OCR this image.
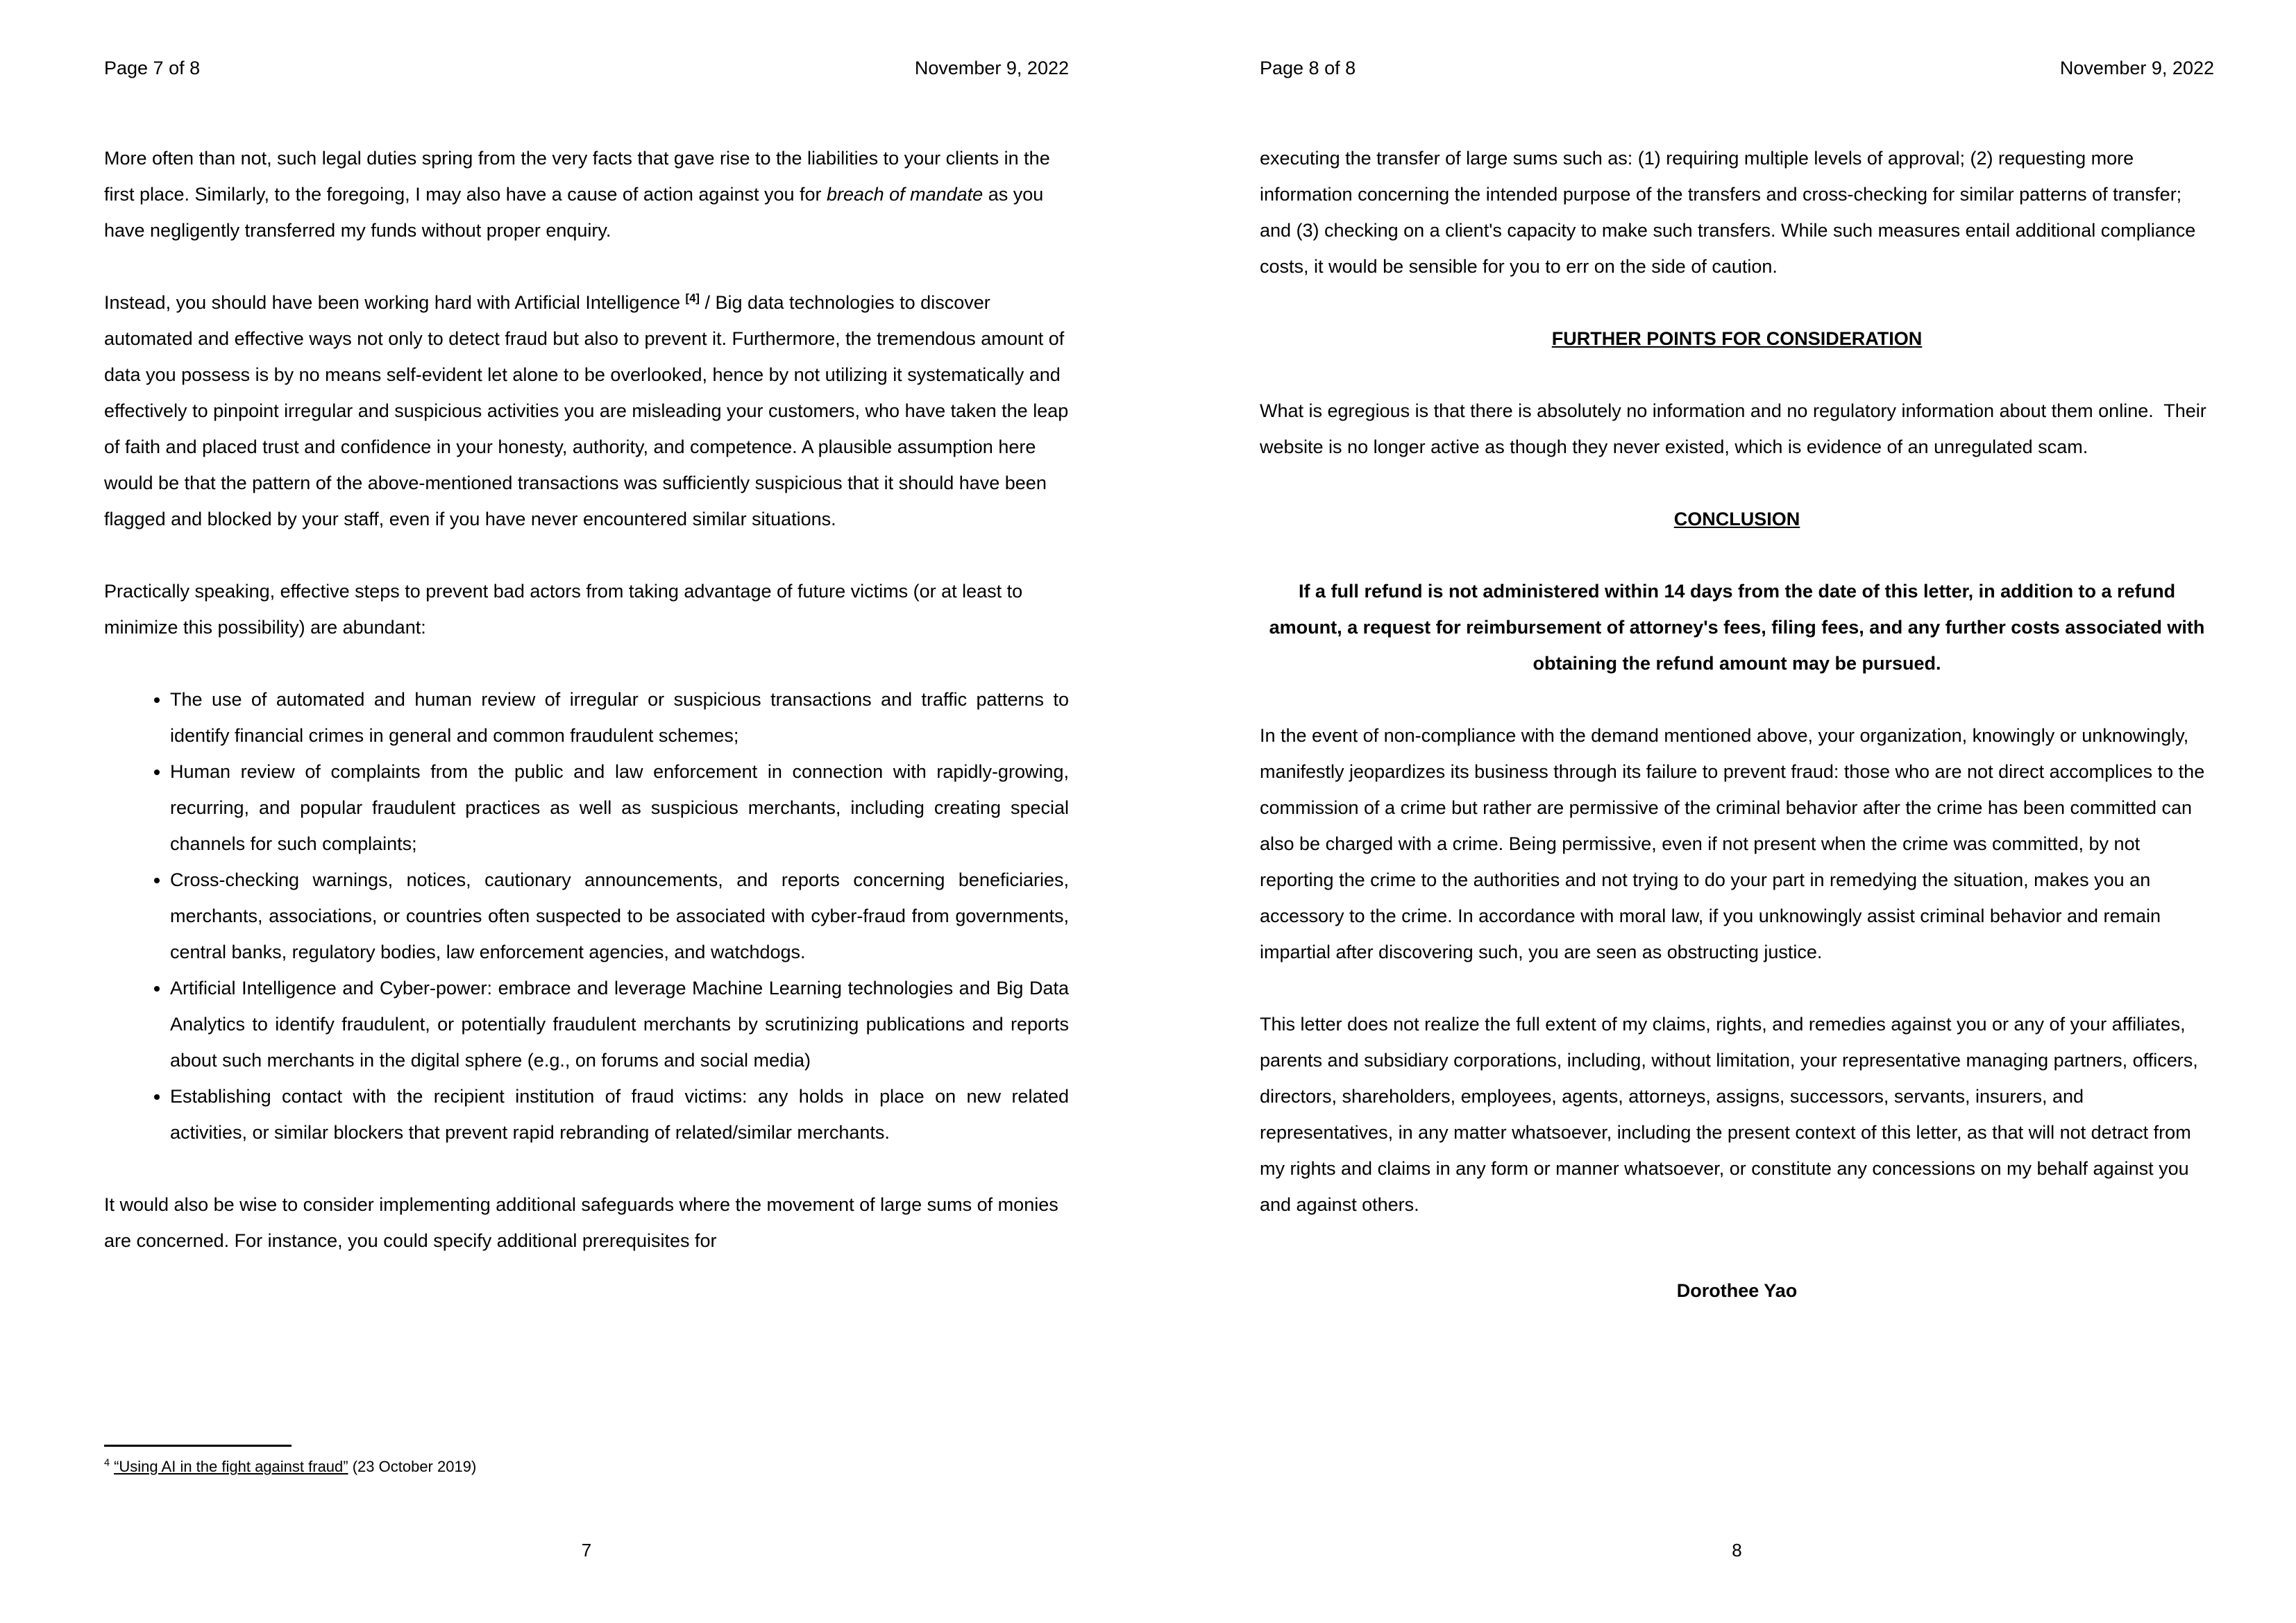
Page 7 of 8	November 9, 2022

More often than not, such legal duties spring from the very facts that gave rise to the liabilities to your clients in the first place. Similarly, to the foregoing, I may also have a cause of action against you for breach of mandate as you have negligently transferred my funds without proper enquiry.

Instead, you should have been working hard with Artificial Intelligence [4] / Big data technologies to discover automated and effective ways not only to detect fraud but also to prevent it. Furthermore, the tremendous amount of data you possess is by no means self-evident let alone to be overlooked, hence by not utilizing it systematically and effectively to pinpoint irregular and suspicious activities you are misleading your customers, who have taken the leap of faith and placed trust and confidence in your honesty, authority, and competence. A plausible assumption here would be that the pattern of the above-mentioned transactions was sufficiently suspicious that it should have been flagged and blocked by your staff, even if you have never encountered similar situations.

Practically speaking, effective steps to prevent bad actors from taking advantage of future victims (or at least to minimize this possibility) are abundant:

• The use of automated and human review of irregular or suspicious transactions and traffic patterns to identify financial crimes in general and common fraudulent schemes;
• Human review of complaints from the public and law enforcement in connection with rapidly-growing, recurring, and popular fraudulent practices as well as suspicious merchants, including creating special channels for such complaints;
• Cross-checking warnings, notices, cautionary announcements, and reports concerning beneficiaries, merchants, associations, or countries often suspected to be associated with cyber-fraud from governments, central banks, regulatory bodies, law enforcement agencies, and watchdogs.
• Artificial Intelligence and Cyber-power: embrace and leverage Machine Learning technologies and Big Data Analytics to identify fraudulent, or potentially fraudulent merchants by scrutinizing publications and reports about such merchants in the digital sphere (e.g., on forums and social media)
• Establishing contact with the recipient institution of fraud victims: any holds in place on new related activities, or similar blockers that prevent rapid rebranding of related/similar merchants.

It would also be wise to consider implementing additional safeguards where the movement of large sums of monies are concerned. For instance, you could specify additional prerequisites for

$^4$ “Using AI in the fight against fraud” (23 October 2019)
7
Page 8 of 8	November 9, 2022

executing the transfer of large sums such as: (1) requiring multiple levels of approval; (2) requesting more information concerning the intended purpose of the transfers and cross-checking for similar patterns of transfer; and (3) checking on a client's capacity to make such transfers. While such measures entail additional compliance costs, it would be sensible for you to err on the side of caution.

FURTHER POINTS FOR CONSIDERATION

What is egregious is that there is absolutely no information and no regulatory information about them online.  Their website is no longer active as though they never existed, which is evidence of an unregulated scam.

CONCLUSION

If a full refund is not administered within 14 days from the date of this letter, in addition to a refund amount, a request for reimbursement of attorney's fees, filing fees, and any further costs associated with obtaining the refund amount may be pursued.

In the event of non-compliance with the demand mentioned above, your organization, knowingly or unknowingly, manifestly jeopardizes its business through its failure to prevent fraud: those who are not direct accomplices to the commission of a crime but rather are permissive of the criminal behavior after the crime has been committed can also be charged with a crime. Being permissive, even if not present when the crime was committed, by not reporting the crime to the authorities and not trying to do your part in remedying the situation, makes you an accessory to the crime. In accordance with moral law, if you unknowingly assist criminal behavior and remain impartial after discovering such, you are seen as obstructing justice.

This letter does not realize the full extent of my claims, rights, and remedies against you or any of your affiliates, parents and subsidiary corporations, including, without limitation, your representative managing partners, officers, directors, shareholders, employees, agents, attorneys, assigns, successors, servants, insurers, and representatives, in any matter whatsoever, including the present context of this letter, as that will not detract from my rights and claims in any form or manner whatsoever, or constitute any concessions on my behalf against you and against others.

Dorothee Yao
8
